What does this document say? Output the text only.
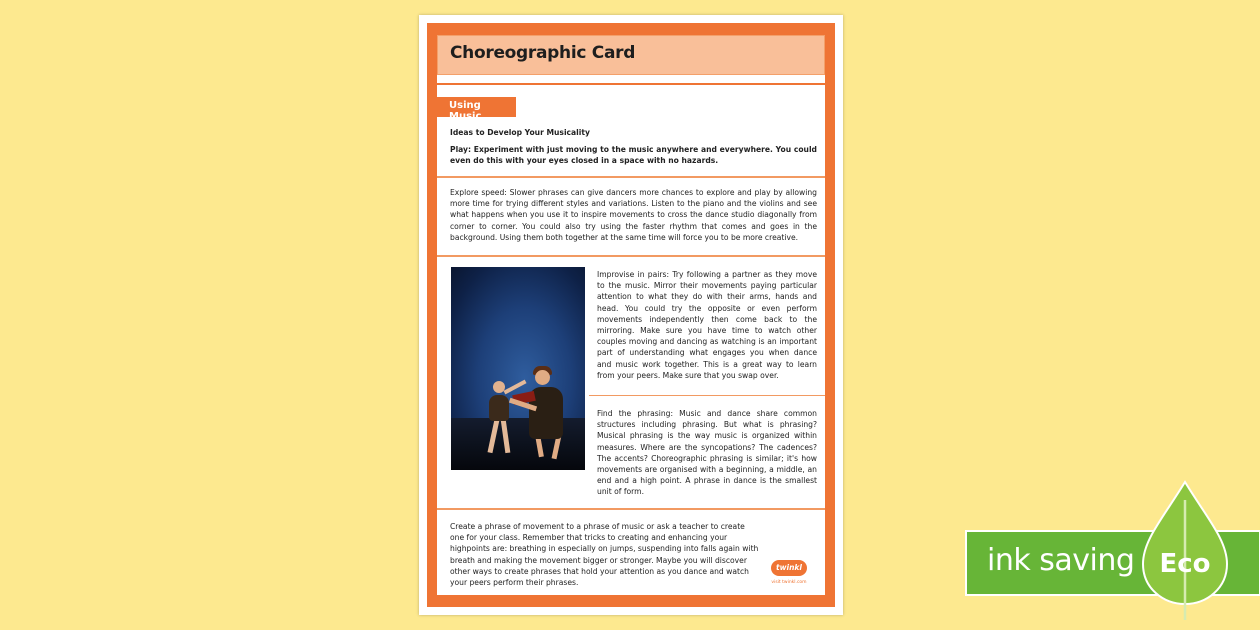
Choreographic Card
Using Music
Ideas to Develop Your Musicality
Play: Experiment with just moving to the music anywhere and everywhere. You could even do this with your eyes closed in a space with no hazards.
Explore speed: Slower phrases can give dancers more chances to explore and play by allowing more time for trying different styles and variations. Listen to the piano and the violins and see what happens when you use it to inspire movements to cross the dance studio diagonally from corner to corner. You could also try using the faster rhythm that comes and goes in the background. Using them both together at the same time will force you to be more creative.
Improvise in pairs: Try following a partner as they move to the music. Mirror their movements paying particular attention to what they do with their arms, hands and head. You could try the opposite or even perform movements independently then come back to the mirroring. Make sure you have time to watch other couples moving and dancing as watching is an important part of understanding what engages you when dance and music work together. This is a great way to learn from your peers. Make sure that you swap over.
Find the phrasing: Music and dance share common structures including phrasing. But what is phrasing? Musical phrasing is the way music is organized within measures. Where are the syncopations? The cadences? The accents? Choreographic phrasing is similar; it's how movements are organised with a beginning, a middle, an end and a high point. A phrase in dance is the smallest unit of form.
Create a phrase of movement to a phrase of music or ask a teacher to create one for your class. Remember that tricks to creating and enhancing your highpoints are: breathing in especially on jumps, suspending into falls again with breath and making the movement bigger or stronger. Maybe you will discover other ways to create phrases that hold your attention as you dance and watch your peers perform their phrases.
twinkl
visit twinkl.com
ink saving Eco
